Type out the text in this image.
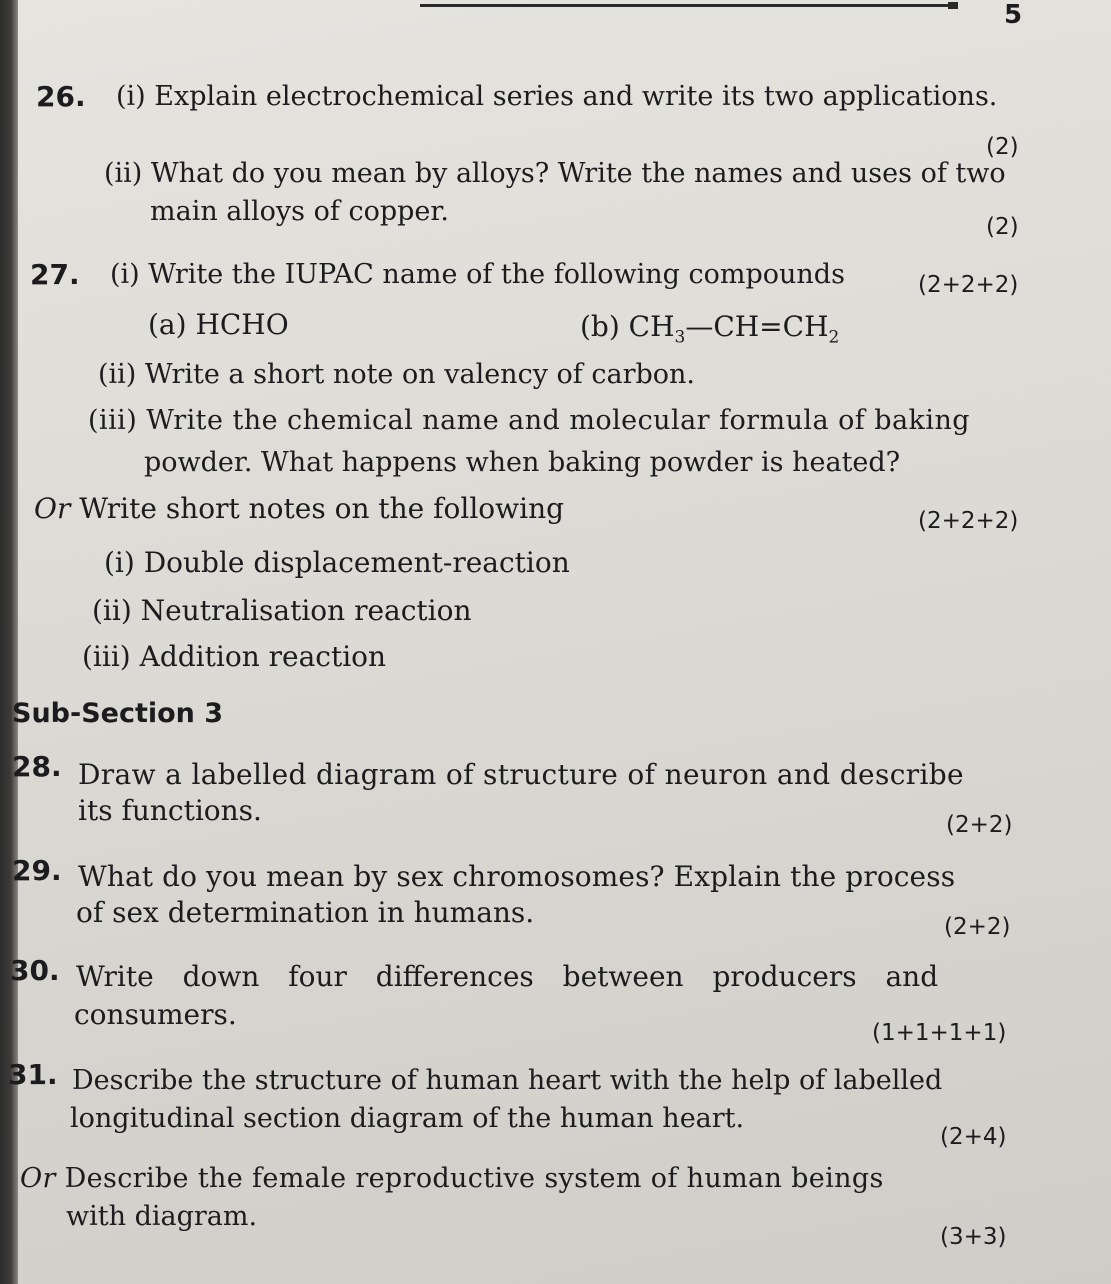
5
26. (i) Explain electrochemical series and write its two applications.
(2)
(ii) What do you mean by alloys? Write the names and uses of two
main alloys of copper.	(2)
27. (i) Write the IUPAC name of the following compounds	(2+2+2)
(a) HCHO	(b) $CH_3—CH=CH_2$
(ii) Write a short note on valency of carbon.
(iii) Write the chemical name and molecular formula of baking
powder. What happens when baking powder is heated?
Or Write short notes on the following	(2+2+2)
(i) Double displacement-reaction
(ii) Neutralisation reaction
(iii) Addition reaction
Sub-Section 3
28. Draw a labelled diagram of structure of neuron and describe
its functions.	(2+2)
29. What do you mean by sex chromosomes? Explain the process
of sex determination in humans.	(2+2)
30. Write down four differences between producers and
consumers.
(1+1+1+1)
31. Describe the structure of human heart with the help of labelled
longitudinal section diagram of the human heart.
(2+4)
Or Describe the female reproductive system of human beings
with diagram.
(3+3)
